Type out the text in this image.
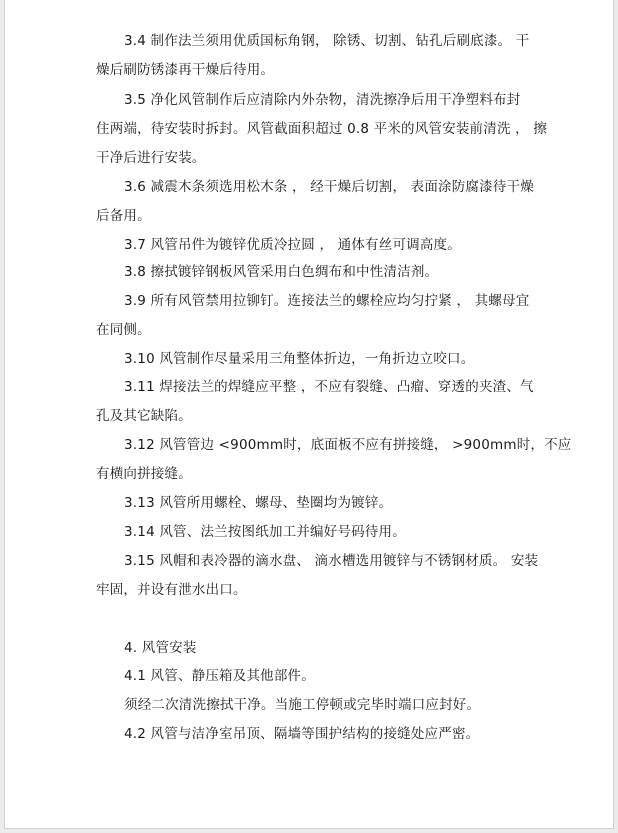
3.4 制作法兰须用优质国标角钢， 除锈、切割、钻孔后刷底漆。 干
燥后刷防锈漆再干燥后待用。
3.5 净化风管制作后应清除内外杂物，清洗擦净后用干净塑料布封
住两端，待安装时拆封。风管截面积超过 0.8 平米的风管安装前清洗 ， 擦
干净后进行安装。
3.6 减震木条须选用松木条 ， 经干燥后切割， 表面涂防腐漆待干燥
后备用。
3.7 风管吊件为镀锌优质冷拉圆 ， 通体有丝可调高度。
3.8 擦拭镀锌钢板风管采用白色绸布和中性清洁剂。
3.9 所有风管禁用拉铆钉。连接法兰的螺栓应均匀拧紧 ， 其螺母宜
在同侧。
3.10 风管制作尽量采用三角整体折边，一角折边立咬口。
3.11 焊接法兰的焊缝应平整 ，不应有裂缝、凸瘤、穿透的夹渣、气
孔及其它缺陷。
3.12 风管管边 <900mm时，底面板不应有拼接缝， >900mm时，不应
有横向拼接缝。
3.13 风管所用螺栓、螺母、垫圈均为镀锌。
3.14 风管、法兰按图纸加工并编好号码待用。
3.15 风帽和表冷器的滴水盘、 滴水槽选用镀锌与不锈钢材质。 安装
牢固，并设有泄水出口。
4. 风管安装
4.1 风管、静压箱及其他部件。
须经二次清洗擦拭干净。当施工停顿或完毕时端口应封好。
4.2 风管与洁净室吊顶、隔墙等围护结构的接缝处应严密。
